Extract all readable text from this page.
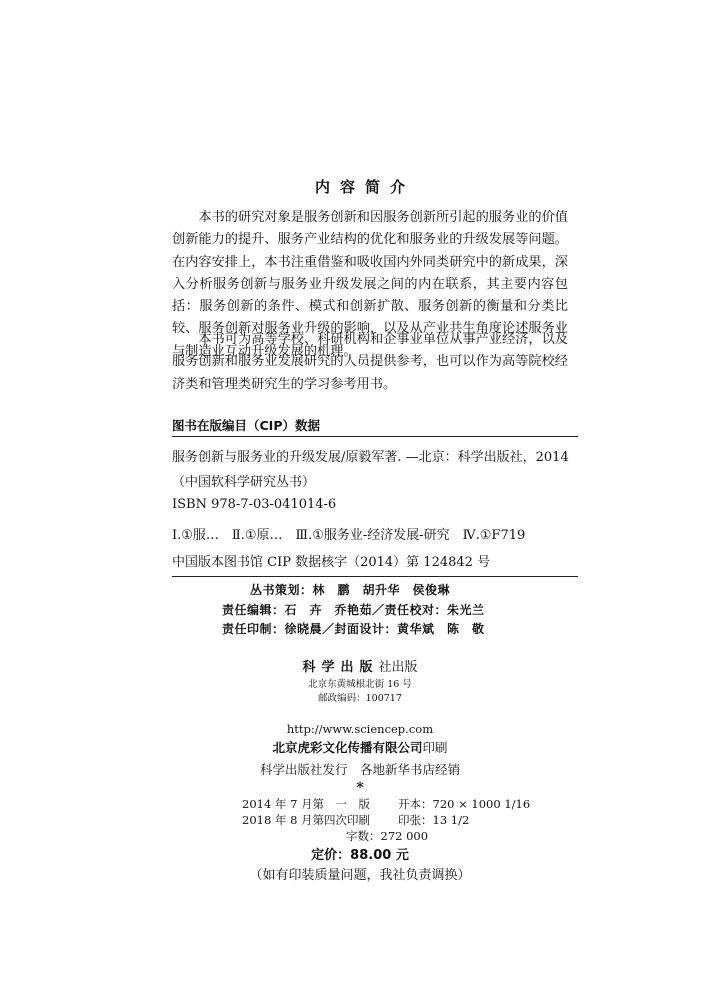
内容简介
本书的研究对象是服务创新和因服务创新所引起的服务业的价值创新能力的提升、服务产业结构的优化和服务业的升级发展等问题。在内容安排上，本书注重借鉴和吸收国内外同类研究中的新成果，深入分析服务创新与服务业升级发展之间的内在联系，其主要内容包括：服务创新的条件、模式和创新扩散、服务创新的衡量和分类比较、服务创新对服务业升级的影响，以及从产业共生角度论述服务业与制造业互动升级发展的机理。
本书可为高等学校、科研机构和企事业单位从事产业经济，以及服务创新和服务业发展研究的人员提供参考，也可以作为高等院校经济类和管理类研究生的学习参考用书。
图书在版编目（CIP）数据
服务创新与服务业的升级发展/原毅军著. —北京：科学出版社，2014
（中国软科学研究丛书）
ISBN 978-7-03-041014-6
Ⅰ.①服…　Ⅱ.①原…　Ⅲ.①服务业-经济发展-研究　Ⅳ.①F719
中国版本图书馆 CIP 数据核字（2014）第 124842 号
丛书策划：林　鹏　胡升华　侯俊琳
责任编辑：石　卉　乔艳茹／责任校对：朱光兰
责任印制：徐晓晨／封面设计：黄华斌　陈　敬
科学出版社出版
北京东黄城根北街 16 号
邮政编码：100717
http://www.sciencep.com
北京虎彩文化传播有限公司印刷
科学出版社发行　各地新华书店经销
*
2014 年 7 月第　一　版 开本：720 × 1000 1/16
2018 年 8 月第四次印刷 印张：13 1/2
字数：272 000
定价：88.00 元
（如有印装质量问题，我社负责调换）
